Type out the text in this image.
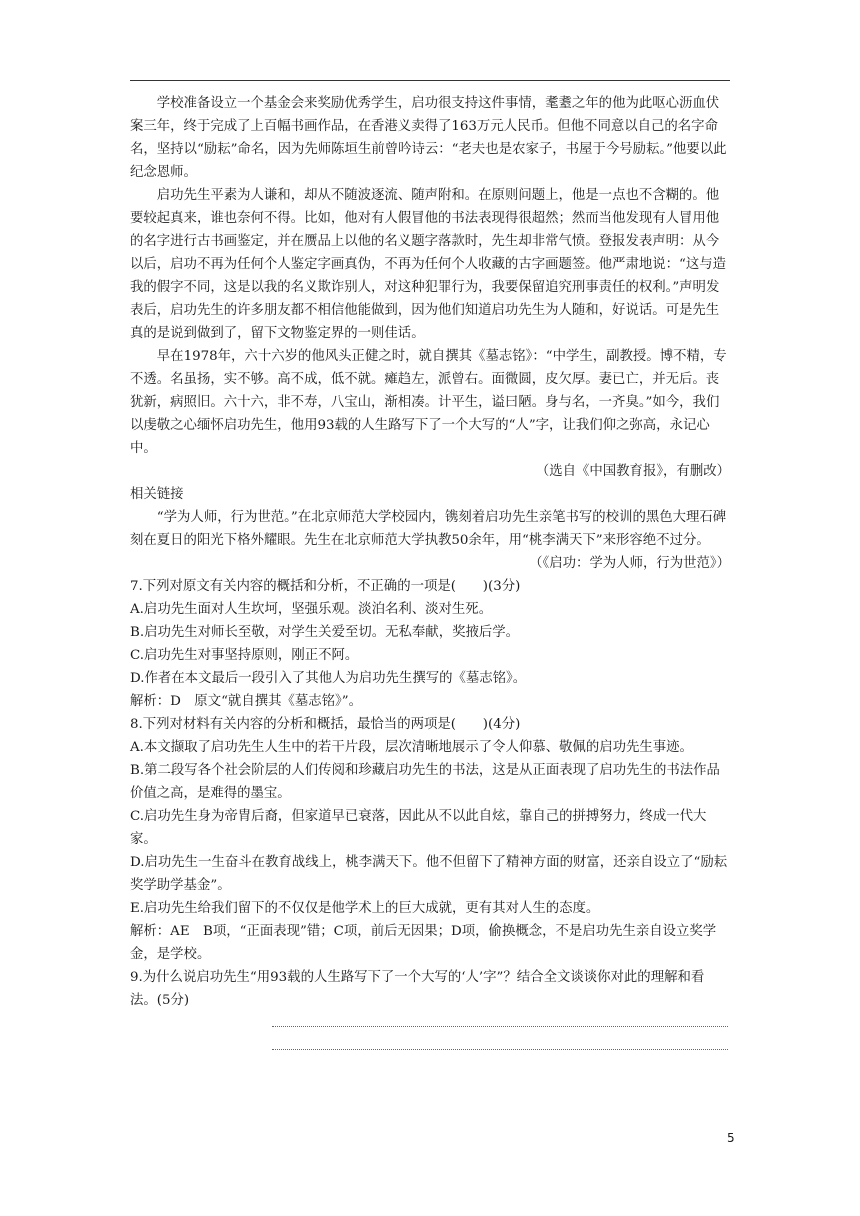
学校准备设立一个基金会来奖励优秀学生，启功很支持这件事情，耄耋之年的他为此呕心沥血伏案三年，终于完成了上百幅书画作品，在香港义卖得了163万元人民币。但他不同意以自己的名字命名，坚持以“励耘”命名，因为先师陈垣生前曾吟诗云：“老夫也是农家子，书屋于今号励耘。”他要以此纪念恩师。

启功先生平素为人谦和，却从不随波逐流、随声附和。在原则问题上，他是一点也不含糊的。他要较起真来，谁也奈何不得。比如，他对有人假冒他的书法表现得很超然；然而当他发现有人冒用他的名字进行古书画鉴定，并在赝品上以他的名义题字落款时，先生却非常气愤。登报发表声明：从今以后，启功不再为任何个人鉴定字画真伪，不再为任何个人收藏的古字画题签。他严肃地说：“这与造我的假字不同，这是以我的名义欺诈别人，对这种犯罪行为，我要保留追究刑事责任的权利。”声明发表后，启功先生的许多朋友都不相信他能做到，因为他们知道启功先生为人随和，好说话。可是先生真的是说到做到了，留下文物鉴定界的一则佳话。

早在1978年，六十六岁的他风头正健之时，就自撰其《墓志铭》：“中学生，副教授。博不精，专不透。名虽扬，实不够。高不成，低不就。瘫趋左，派曾右。面微圆，皮欠厚。妻已亡，并无后。丧犹新，病照旧。六十六，非不寿，八宝山，渐相凑。计平生，谥曰陋。身与名，一齐臭。”如今，我们以虔敬之心缅怀启功先生，他用93载的人生路写下了一个大写的“人”字，让我们仰之弥高，永记心中。

（选自《中国教育报》，有删改）

相关链接

“学为人师，行为世范。”在北京师范大学校园内，镌刻着启功先生亲笔书写的校训的黑色大理石碑刻在夏日的阳光下格外耀眼。先生在北京师范大学执教50余年，用“桃李满天下”来形容绝不过分。

（《启功：学为人师，行为世范》）

7.下列对原文有关内容的概括和分析，不正确的一项是(　　)(3分)

A.启功先生面对人生坎坷，坚强乐观。淡泊名利、淡对生死。

B.启功先生对师长至敬，对学生关爱至切。无私奉献，奖掖后学。

C.启功先生对事坚持原则，刚正不阿。

D.作者在本文最后一段引入了其他人为启功先生撰写的《墓志铭》。

解析：D　原文“就自撰其《墓志铭》”。

8.下列对材料有关内容的分析和概括，最恰当的两项是(　　)(4分)

A.本文撷取了启功先生人生中的若干片段，层次清晰地展示了令人仰慕、敬佩的启功先生事迹。

B.第二段写各个社会阶层的人们传阅和珍藏启功先生的书法，这是从正面表现了启功先生的书法作品价值之高，是难得的墨宝。

C.启功先生身为帝胄后裔，但家道早已衰落，因此从不以此自炫，靠自己的拼搏努力，终成一代大家。

D.启功先生一生奋斗在教育战线上，桃李满天下。他不但留下了精神方面的财富，还亲自设立了“励耘奖学助学基金”。

E.启功先生给我们留下的不仅仅是他学术上的巨大成就，更有其对人生的态度。

解析：AE　B项，“正面表现”错；C项，前后无因果；D项，偷换概念，不是启功先生亲自设立奖学金，是学校。

9.为什么说启功先生“用93载的人生路写下了一个大写的‘人’字”？结合全文谈谈你对此的理解和看法。(5分)

5
